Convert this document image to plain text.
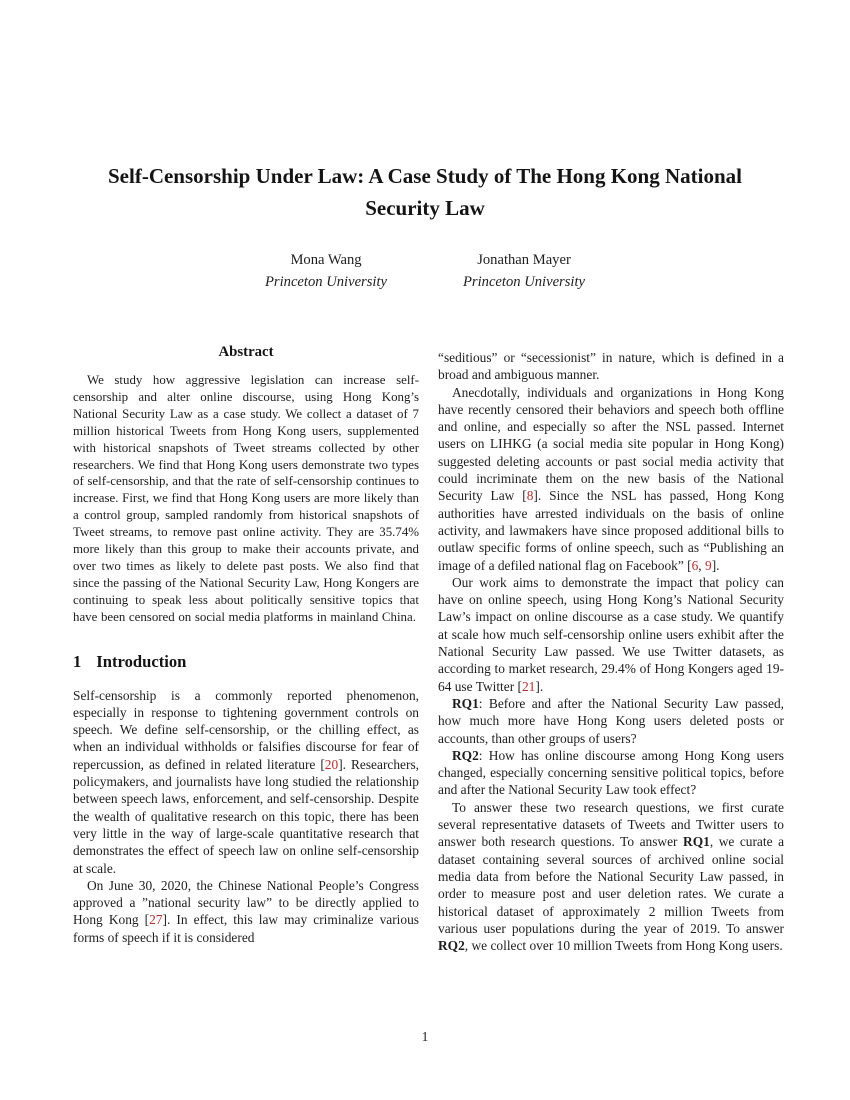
Self-Censorship Under Law: A Case Study of The Hong Kong National
Security Law
Mona Wang
Princeton University
Jonathan Mayer
Princeton University
Abstract

We study how aggressive legislation can increase self-censorship and alter online discourse, using Hong Kong’s National Security Law as a case study. We collect a dataset of 7 million historical Tweets from Hong Kong users, supplemented with historical snapshots of Tweet streams collected by other researchers. We find that Hong Kong users demonstrate two types of self-censorship, and that the rate of self-censorship continues to increase. First, we find that Hong Kong users are more likely than a control group, sampled randomly from historical snapshots of Tweet streams, to remove past online activity. They are 35.74% more likely than this group to make their accounts private, and over two times as likely to delete past posts. We also find that since the passing of the National Security Law, Hong Kongers are continuing to speak less about politically sensitive topics that have been censored on social media platforms in mainland China.

1 Introduction

Self-censorship is a commonly reported phenomenon, especially in response to tightening government controls on speech. We define self-censorship, or the chilling effect, as when an individual withholds or falsifies discourse for fear of repercussion, as defined in related literature [20]. Researchers, policymakers, and journalists have long studied the relationship between speech laws, enforcement, and self-censorship. Despite the wealth of qualitative research on this topic, there has been very little in the way of large-scale quantitative research that demonstrates the effect of speech law on online self-censorship at scale.

On June 30, 2020, the Chinese National People’s Congress approved a ”national security law” to be directly applied to Hong Kong [27]. In effect, this law may criminalize various forms of speech if it is considered

“seditious” or “secessionist” in nature, which is defined in a broad and ambiguous manner.

Anecdotally, individuals and organizations in Hong Kong have recently censored their behaviors and speech both offline and online, and especially so after the NSL passed. Internet users on LIHKG (a social media site popular in Hong Kong) suggested deleting accounts or past social media activity that could incriminate them on the new basis of the National Security Law [8]. Since the NSL has passed, Hong Kong authorities have arrested individuals on the basis of online activity, and lawmakers have since proposed additional bills to outlaw specific forms of online speech, such as “Publishing an image of a defiled national flag on Facebook” [6, 9].

Our work aims to demonstrate the impact that policy can have on online speech, using Hong Kong’s National Security Law’s impact on online discourse as a case study. We quantify at scale how much self-censorship online users exhibit after the National Security Law passed. We use Twitter datasets, as according to market research, 29.4% of Hong Kongers aged 19-64 use Twitter [21].

RQ1: Before and after the National Security Law passed, how much more have Hong Kong users deleted posts or accounts, than other groups of users?

RQ2: How has online discourse among Hong Kong users changed, especially concerning sensitive political topics, before and after the National Security Law took effect?

To answer these two research questions, we first curate several representative datasets of Tweets and Twitter users to answer both research questions. To answer RQ1, we curate a dataset containing several sources of archived online social media data from before the National Security Law passed, in order to measure post and user deletion rates. We curate a historical dataset of approximately 2 million Tweets from various user populations during the year of 2019. To answer RQ2, we collect over 10 million Tweets from Hong Kong users.

1
